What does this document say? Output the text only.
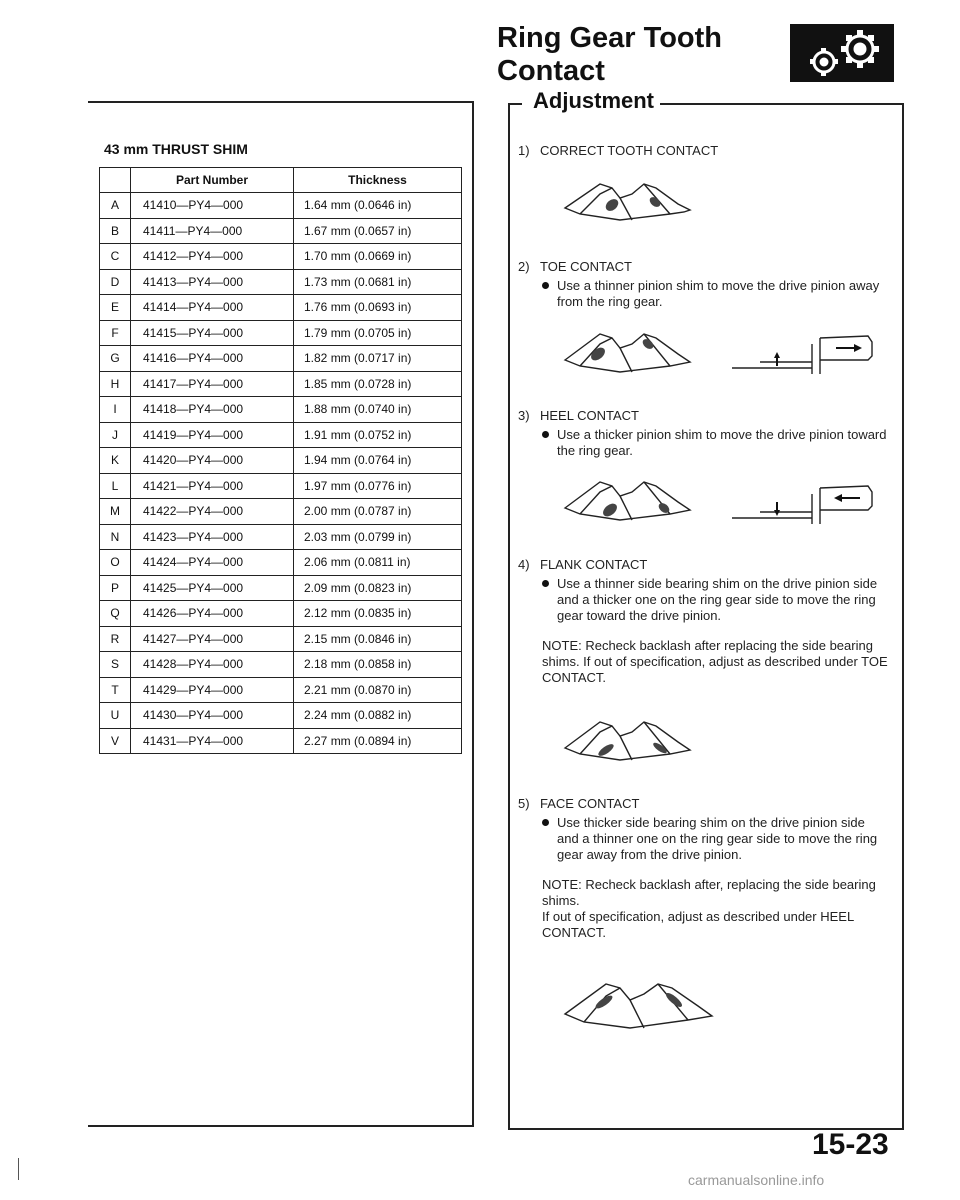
Ring Gear Tooth
Contact
43 mm THRUST SHIM
	Part Number	Thickness
A	41410—PY4—000	1.64 mm (0.0646 in)
B	41411—PY4—000	1.67 mm (0.0657 in)
C	41412—PY4—000	1.70 mm (0.0669 in)
D	41413—PY4—000	1.73 mm (0.0681 in)
E	41414—PY4—000	1.76 mm (0.0693 in)
F	41415—PY4—000	1.79 mm (0.0705 in)
G	41416—PY4—000	1.82 mm (0.0717 in)
H	41417—PY4—000	1.85 mm (0.0728 in)
I	41418—PY4—000	1.88 mm (0.0740 in)
J	41419—PY4—000	1.91 mm (0.0752 in)
K	41420—PY4—000	1.94 mm (0.0764 in)
L	41421—PY4—000	1.97 mm (0.0776 in)
M	41422—PY4—000	2.00 mm (0.0787 in)
N	41423—PY4—000	2.03 mm (0.0799 in)
O	41424—PY4—000	2.06 mm (0.0811 in)
P	41425—PY4—000	2.09 mm (0.0823 in)
Q	41426—PY4—000	2.12 mm (0.0835 in)
R	41427—PY4—000	2.15 mm (0.0846 in)
S	41428—PY4—000	2.18 mm (0.0858 in)
T	41429—PY4—000	2.21 mm (0.0870 in)
U	41430—PY4—000	2.24 mm (0.0882 in)
V	41431—PY4—000	2.27 mm (0.0894 in)
Adjustment
1) CORRECT TOOTH CONTACT
2) TOE CONTACT
Use a thinner pinion shim to move the drive pinion away from the ring gear.
3) HEEL CONTACT
Use a thicker pinion shim to move the drive pinion toward the ring gear.
4) FLANK CONTACT
Use a thinner side bearing shim on the drive pinion side and a thicker one on the ring gear side to move the ring gear toward the drive pinion.
NOTE: Recheck backlash after replacing the side bearing shims. If out of specification, adjust as described under TOE CONTACT.
5) FACE CONTACT
Use thicker side bearing shim on the drive pinion side and a thinner one on the ring gear side to move the ring gear away from the drive pinion.
NOTE: Recheck backlash after, replacing the side bearing shims.
If out of specification, adjust as described under HEEL CONTACT.
15-23
carmanualsonline.info
